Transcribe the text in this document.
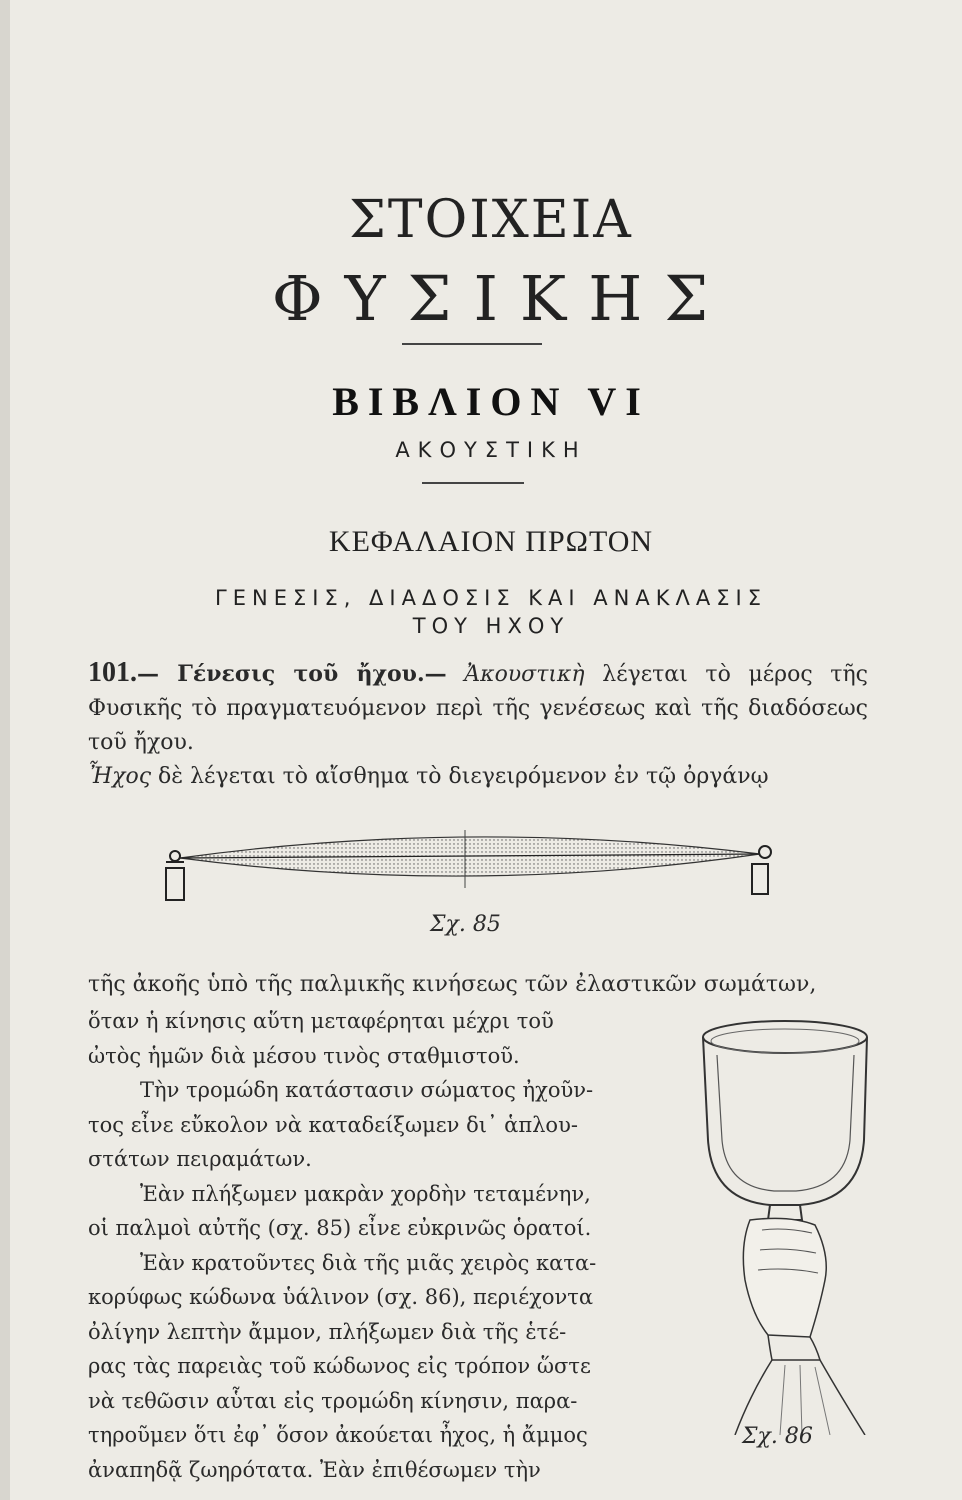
ΣΤΟΙΧΕΙΑ
ΦΥΣΙΚΗΣ
ΒΙΒΛΙΟΝ VI
ΑΚΟΥΣΤΙΚΗ
ΚΕΦΑΛΑΙΟΝ ΠΡΩΤΟΝ
ΓΕΝΕΣΙΣ, ΔΙΑΔΟΣΙΣ ΚΑΙ ΑΝΑΚΛΑΣΙΣ
ΤΟΥ ΗΧΟΥ
101.— Γένεσις τοῦ ἤχου.— Ἀκουστικὴ λέγεται τὸ μέρος τῆς Φυσικῆς τὸ πραγματευόμενον περὶ τῆς γενέσεως καὶ τῆς διαδόσεως τοῦ ἤχου.
Ἦχος δὲ λέγεται τὸ αἴσθημα τὸ διεγειρόμενον ἐν τῷ ὀργάνῳ
Σχ. 85
τῆς ἀκοῆς ὑπὸ τῆς παλμικῆς κινήσεως τῶν ἐλαστικῶν σωμάτων,
ὅταν ἡ κίνησις αὕτη μεταφέρηται μέχρι τοῦ
ὠτὸς ἡμῶν διὰ μέσου τινὸς σταθμιστοῦ.
Τὴν τρομώδη κατάστασιν σώματος ἠχοῦν-
τος εἶνε εὔκολον νὰ καταδείξωμεν δι᾽ ἁπλου-
στάτων πειραμάτων.
Ἐὰν πλήξωμεν μακρὰν χορδὴν τεταμένην,
οἱ παλμοὶ αὐτῆς (σχ. 85) εἶνε εὐκρινῶς ὁρατοί.
Ἐὰν κρατοῦντες διὰ τῆς μιᾶς χειρὸς κατα-
κορύφως κώδωνα ὑάλινον (σχ. 86), περιέχοντα
ὀλίγην λεπτὴν ἄμμον, πλήξωμεν διὰ τῆς ἑτέ-
ρας τὰς παρειὰς τοῦ κώδωνος εἰς τρόπον ὥστε
νὰ τεθῶσιν αὗται εἰς τρομώδη κίνησιν, παρα-
τηροῦμεν ὅτι ἐφ᾽ ὅσον ἀκούεται ἦχος, ἡ ἄμμος
ἀναπηδᾷ ζωηρότατα. Ἐὰν ἐπιθέσωμεν τὴν
Σχ. 86
